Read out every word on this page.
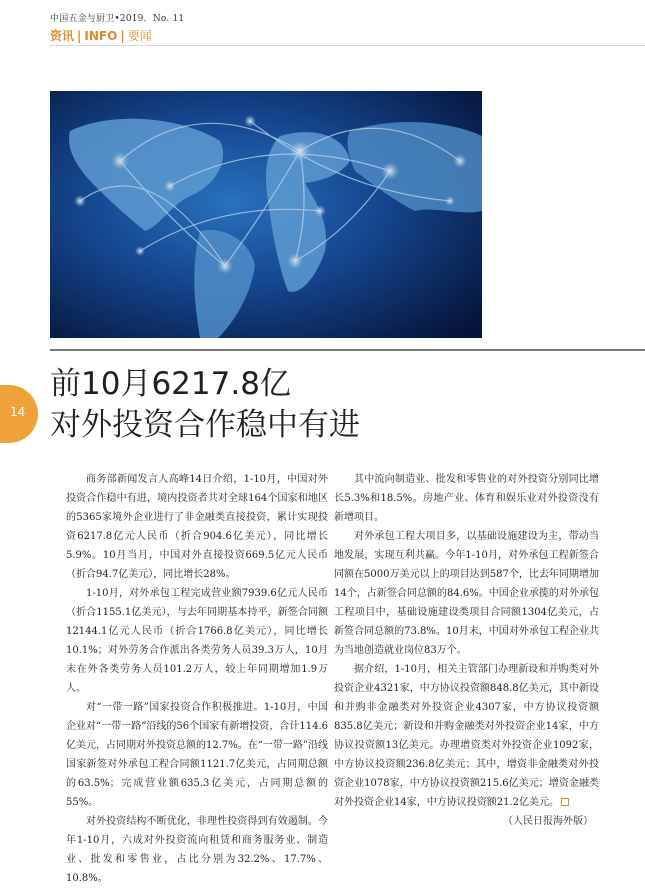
中国五金与厨卫•2019．No. 11
资讯 | INFO | 要闻
14
前10月6217.8亿
对外投资合作稳中有进

商务部新闻发言人高峰14日介绍，1-10月，中国对外投资合作稳中有进，境内投资者共对全球164个国家和地区的5365家境外企业进行了非金融类直接投资，累计实现投资6217.8亿元人民币（折合904.6亿美元），同比增长5.9%。10月当月，中国对外直接投资669.5亿元人民币（折合94.7亿美元），同比增长28%。

1-10月，对外承包工程完成营业额7939.6亿元人民币（折合1155.1亿美元），与去年同期基本持平，新签合同额12144.1亿元人民币（折合1766.8亿美元），同比增长10.1%；对外劳务合作派出各类劳务人员39.3万人，10月末在外各类劳务人员101.2万人，较上年同期增加1.9万人。

对“一带一路”国家投资合作积极推进。1-10月，中国企业对“一带一路”沿线的56个国家有新增投资，合计114.6亿美元，占同期对外投资总额的12.7%。在“一带一路”沿线国家新签对外承包工程合同额1121.7亿美元，占同期总额的63.5%；完成营业额635.3亿美元，占同期总额的55%。

对外投资结构不断优化，非理性投资得到有效遏制。今年1-10月，六成对外投资流向租赁和商务服务业、制造业、批发和零售业，占比分别为32.2%、17.7%、10.8%。

其中流向制造业、批发和零售业的对外投资分别同比增长5.3%和18.5%。房地产业、体育和娱乐业对外投资没有新增项目。

对外承包工程大项目多，以基础设施建设为主，带动当地发展，实现互利共赢。今年1-10月，对外承包工程新签合同额在5000万美元以上的项目达到587个，比去年同期增加14个，占新签合同总额的84.6%。中国企业承揽的对外承包工程项目中，基础设施建设类项目合同额1304亿美元，占新签合同总额的73.8%。10月末，中国对外承包工程企业共为当地创造就业岗位83万个。

据介绍，1-10月，相关主管部门办理新设和并购类对外投资企业4321家，中方协议投资额848.8亿美元，其中新设和并购非金融类对外投资企业4307家，中方协议投资额835.8亿美元；新设和并购金融类对外投资企业14家，中方协议投资额13亿美元。办理增资类对外投资企业1092家，中方协议投资额236.8亿美元；其中，增资非金融类对外投资企业1078家，中方协议投资额215.6亿美元；增资金融类对外投资企业14家，中方协议投资额21.2亿美元。

（人民日报海外版）
